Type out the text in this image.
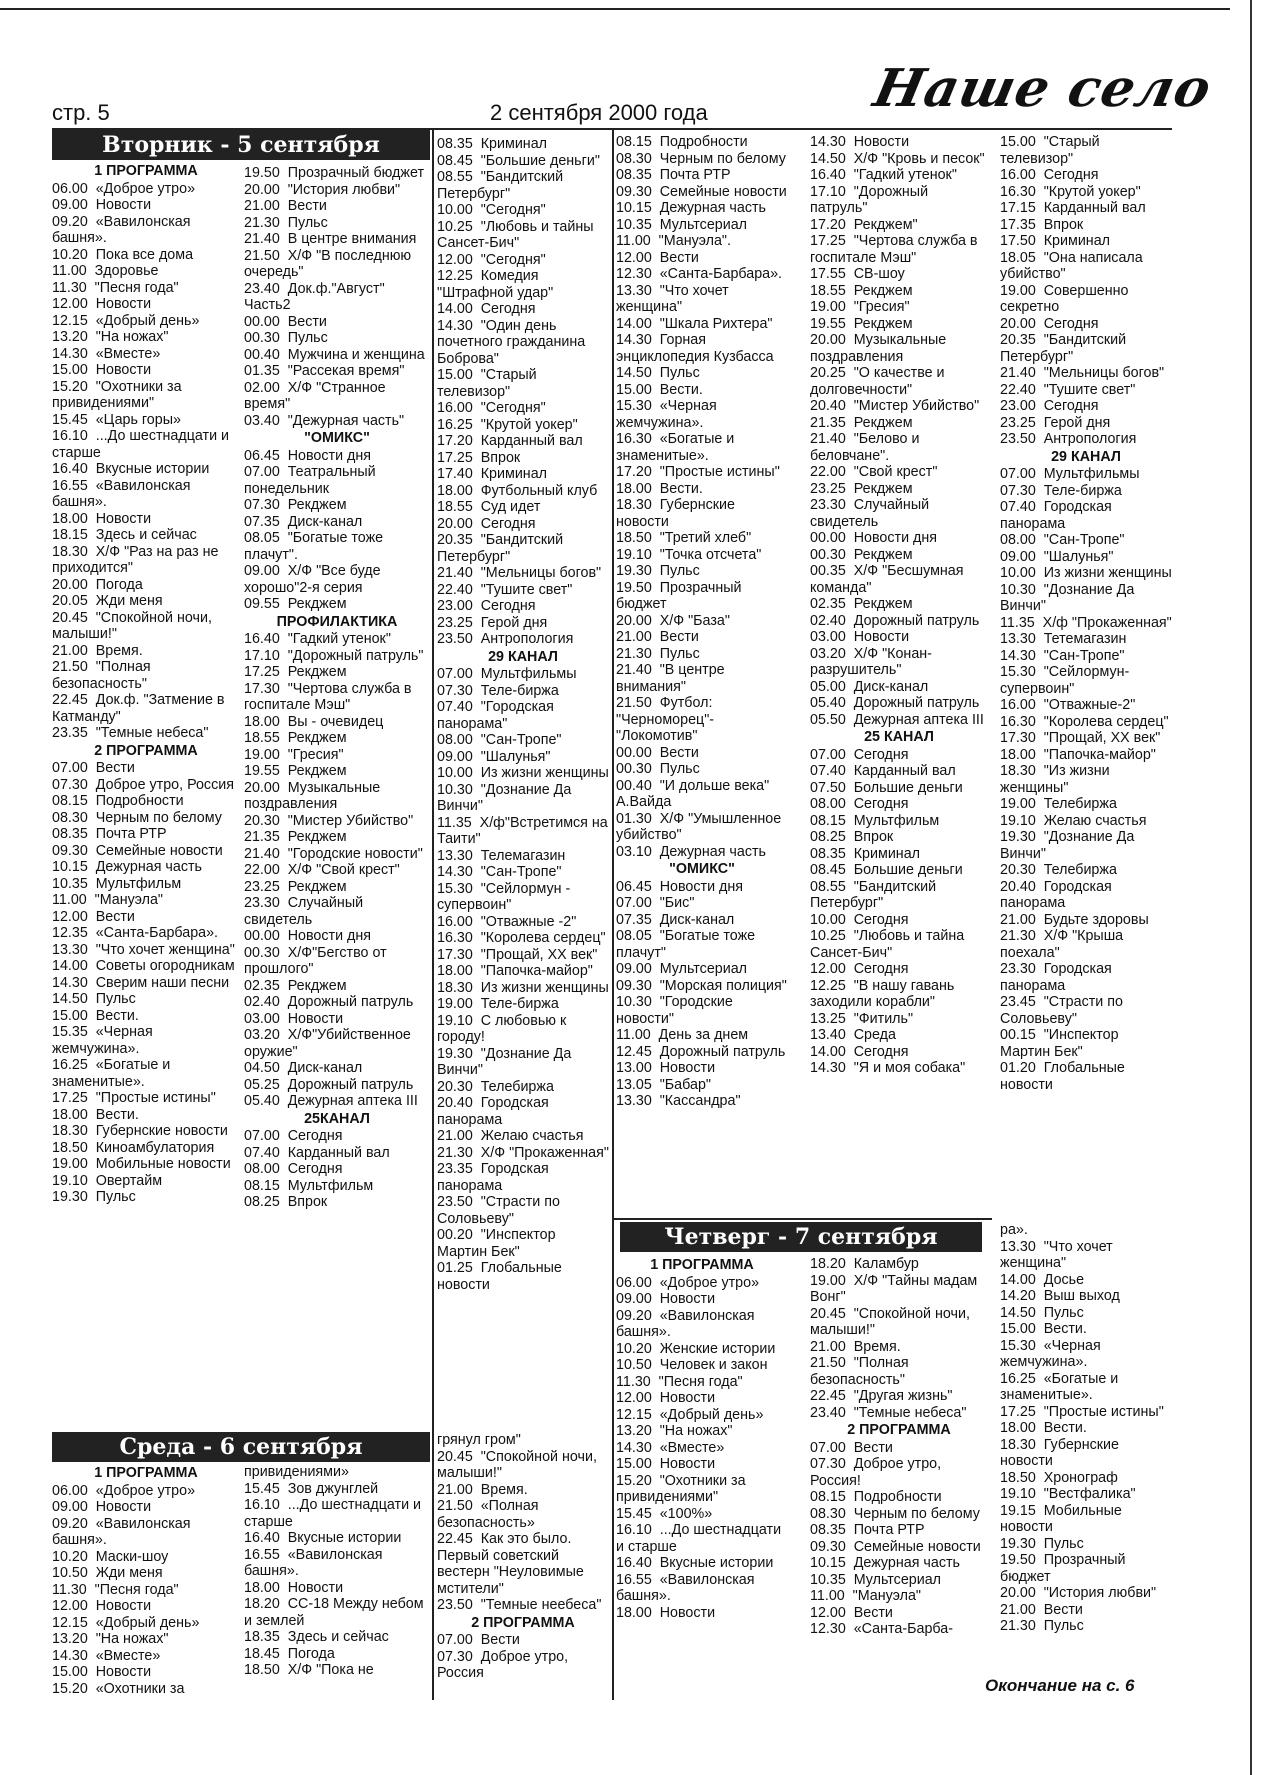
стр. 5	2 сентября 2000 года	Наше село
Вторник - 5 сентября
Среда - 6 сентября
Четверг - 7 сентября

1 ПРОГРАММА

06.00  «Доброе утро»

09.00  Новости

09.20  «Вавилонская башня».

10.20  Пока все дома

11.00  Здоровье

11.30  "Песня года"

12.00  Новости

12.15  «Добрый день»

13.20  "На ножах"

14.30  «Вместе»

15.00  Новости

15.20  "Охотники за привидениями"

15.45  «Царь горы»

16.10  ...До шестнадцати и старше

16.40  Вкусные истории

16.55  «Вавилонская башня».

18.00  Новости

18.15  Здесь и сейчас

18.30  Х/Ф "Раз на раз не приходится"

20.00  Погода

20.05  Жди меня

20.45  "Спокойной ночи, малыши!"

21.00  Время.

21.50  "Полная безопасность"

22.45  Док.ф. "Затмение в Катманду"

23.35  "Темные небеса"

2 ПРОГРАММА

07.00  Вести

07.30  Доброе утро, Россия

08.15  Подробности

08.30  Черным по белому

08.35  Почта РТР

09.30  Семейные новости

10.15  Дежурная часть

10.35  Мультфильм

11.00  "Мануэла"

12.00  Вести

12.35  «Санта-Барбара».

13.30  "Что хочет женщина"

14.00  Советы огородникам

14.30  Сверим наши песни

14.50  Пульс

15.00  Вести.

15.35  «Черная жемчужина».

16.25  «Богатые и знаменитые».

17.25  "Простые истины"

18.00  Вести.

18.30  Губернские новости

18.50  Киноамбулатория

19.00  Мобильные новости

19.10  Овертайм

19.30  Пульс

19.50  Прозрачный бюджет

20.00  "История любви"

21.00  Вести

21.30  Пульс

21.40  В центре внимания

21.50  Х/Ф "В последнюю очередь"

23.40  Док.ф."Август" Часть2

00.00  Вести

00.30  Пульс

00.40  Мужчина и женщина

01.35  "Рассекая время"

02.00  Х/Ф "Странное время"

03.40  "Дежурная часть"

"ОМИКС"

06.45  Новости дня

07.00  Театральный понедельник

07.30  Рекджем

07.35  Диск-канал

08.05  "Богатые тоже плачут".

09.00  Х/Ф "Все буде хорошо"2-я серия

09.55  Рекджем

ПРОФИЛАКТИКА

16.40  "Гадкий утенок"

17.10  "Дорожный патруль"

17.25  Рекджем

17.30  "Чертова служба в госпитале Мэш"

18.00  Вы - очевидец

18.55  Рекджем

19.00  "Гресия"

19.55  Рекджем

20.00  Музыкальные поздравления

20.30  "Мистер Убийство"

21.35  Рекджем

21.40  "Городские новости"

22.00  Х/Ф "Свой крест"

23.25  Рекджем

23.30  Случайный свидетель

00.00  Новости дня

00.30  Х/Ф"Бегство от прошлого"

02.35  Рекджем

02.40  Дорожный патруль

03.00  Новости

03.20  Х/Ф"Убийственное оружие"

04.50  Диск-канал

05.25  Дорожный патруль

05.40  Дежурная аптека III

25КАНАЛ

07.00  Сегодня

07.40  Карданный вал

08.00  Сегодня

08.15  Мультфильм

08.25  Впрок

08.35  Криминал

08.45  "Большие деньги"

08.55  "Бандитский Петербург"

10.00  "Сегодня"

10.25  "Любовь и тайны Сансет-Бич"

12.00  "Сегодня"

12.25  Комедия "Штрафной удар"

14.00  Сегодня

14.30  "Один день почетного гражданина Боброва"

15.00  "Старый телевизор"

16.00  "Сегодня"

16.25  "Крутой уокер"

17.20  Карданный вал

17.25  Впрок

17.40  Криминал

18.00  Футбольный клуб

18.55  Суд идет

20.00  Сегодня

20.35  "Бандитский Петербург"

21.40  "Мельницы богов"

22.40  "Тушите свет"

23.00  Сегодня

23.25  Герой дня

23.50  Антропология

29 КАНАЛ

07.00  Мультфильмы

07.30  Теле-биржа

07.40  "Городская панорама"

08.00  "Сан-Тропе"

09.00  "Шалунья"

10.00  Из жизни женщины

10.30  "Дознание Да Винчи"

11.35  Х/ф"Встретимся на Таити"

13.30  Телемагазин

14.30  "Сан-Тропе"

15.30  "Сейлормун - супервоин"

16.00  "Отважные -2"

16.30  "Королева сердец"

17.30  "Прощай, XX век"

18.00  "Папочка-майор"

18.30  Из жизни женщины

19.00  Теле-биржа

19.10  С любовью к городу!

19.30  "Дознание Да Винчи"

20.30  Телебиржа

20.40  Городская панорама

21.00  Желаю счастья

21.30  Х/Ф "Прокаженная"

23.35  Городская панорама

23.50  "Страсти по Соловьеву"

00.20  "Инспектор Мартин Бек"

01.25  Глобальные новости

08.15  Подробности

08.30  Черным по белому

08.35  Почта РТР

09.30  Семейные новости

10.15  Дежурная часть

10.35  Мультсериал

11.00  "Мануэла".

12.00  Вести

12.30  «Санта-Барбара».

13.30  "Что хочет женщина"

14.00  "Шкала Рихтера"

14.30  Горная энциклопедия Кузбасса

14.50  Пульс

15.00  Вести.

15.30  «Черная жемчужина».

16.30  «Богатые и знаменитые».

17.20  "Простые истины"

18.00  Вести.

18.30  Губернские новости

18.50  "Третий хлеб"

19.10  "Точка отсчета"

19.30  Пульс

19.50  Прозрачный бюджет

20.00  Х/Ф "База"

21.00  Вести

21.30  Пульс

21.40  "В центре внимания"

21.50  Футбол: "Черноморец"-"Локомотив"

00.00  Вести

00.30  Пульс

00.40  "И дольше века" А.Вайда

01.30  Х/Ф "Умышленное убийство"

03.10  Дежурная часть

"ОМИКС"

06.45  Новости дня

07.00  "Бис"

07.35  Диск-канал

08.05  "Богатые тоже плачут"

09.00  Мультсериал

09.30  "Морская полиция"

10.30  "Городские новости"

11.00  День за днем

12.45  Дорожный патруль

13.00  Новости

13.05  "Бабар"

13.30  "Кассандра"

14.30  Новости

14.50  Х/Ф "Кровь и песок"

16.40  "Гадкий утенок"

17.10  "Дорожный патруль"

17.20  Рекджем"

17.25  "Чертова служба в госпитале Мэш"

17.55  СВ-шоу

18.55  Рекджем

19.00  "Гресия"

19.55  Рекджем

20.00  Музыкальные поздравления

20.25  "О качестве и долговечности"

20.40  "Мистер Убийство"

21.35  Рекджем

21.40  "Белово и беловчане".

22.00  "Свой крест"

23.25  Рекджем

23.30  Случайный свидетель

00.00  Новости дня

00.30  Рекджем

00.35  Х/Ф "Бесшумная команда"

02.35  Рекджем

02.40  Дорожный патруль

03.00  Новости

03.20  Х/Ф "Конан-разрушитель"

05.00  Диск-канал

05.40  Дорожный патруль

05.50  Дежурная аптека III

25 КАНАЛ

07.00  Сегодня

07.40  Карданный вал

07.50  Большие деньги

08.00  Сегодня

08.15  Мультфильм

08.25  Впрок

08.35  Криминал

08.45  Большие деньги

08.55  "Бандитский Петербург"

10.00  Сегодня

10.25  "Любовь и тайна Сансет-Бич"

12.00  Сегодня

12.25  "В нашу гавань заходили корабли"

13.25  "Фитиль"

13.40  Среда

14.00  Сегодня

14.30  "Я и моя собака"

15.00  "Старый телевизор"

16.00  Сегодня

16.30  "Крутой уокер"

17.15  Карданный вал

17.35  Впрок

17.50  Криминал

18.05  "Она написала убийство"

19.00  Совершенно секретно

20.00  Сегодня

20.35  "Бандитский Петербург"

21.40  "Мельницы богов"

22.40  "Тушите свет"

23.00  Сегодня

23.25  Герой дня

23.50  Антропология

29 КАНАЛ

07.00  Мультфильмы

07.30  Теле-биржа

07.40  Городская панорама

08.00  "Сан-Тропе"

09.00  "Шалунья"

10.00  Из жизни женщины

10.30  "Дознание Да Винчи"

11.35  Х/ф "Прокаженная"

13.30  Тетемагазин

14.30  "Сан-Тропе"

15.30  "Сейлормун-супервоин"

16.00  "Отважные-2"

16.30  "Королева сердец"

17.30  "Прощай, XX век"

18.00  "Папочка-майор"

18.30  "Из жизни женщины"

19.00  Телебиржа

19.10  Желаю счастья

19.30  "Дознание Да Винчи"

20.30  Телебиржа

20.40  Городская панорама

21.00  Будьте здоровы

21.30  Х/Ф "Крыша поехала"

23.30  Городская панорама

23.45  "Страсти по Соловьеву"

00.15  "Инспектор Мартин Бек"

01.20  Глобальные новости

1 ПРОГРАММА

06.00  «Доброе утро»

09.00  Новости

09.20  «Вавилонская башня».

10.20  Маски-шоу

10.50  Жди меня

11.30  "Песня года"

12.00  Новости

12.15  «Добрый день»

13.20  "На ножах"

14.30  «Вместе»

15.00  Новости

15.20  «Охотники за

привидениями»

15.45  Зов джунглей

16.10  ...До шестнадцати и старше

16.40  Вкусные истории

16.55  «Вавилонская башня».

18.00  Новости

18.20  СС-18 Между небом и землей

18.35  Здесь и сейчас

18.45  Погода

18.50  Х/Ф "Пока не

грянул гром"

20.45  "Спокойной ночи, малыши!"

21.00  Время.

21.50  «Полная безопасность»

22.45  Как это было. Первый советский вестерн "Неуловимые мстители"

23.50  "Темные неебеса"

2 ПРОГРАММА

07.00  Вести

07.30  Доброе утро, Россия

1 ПРОГРАММА

06.00  «Доброе утро»

09.00  Новости

09.20  «Вавилонская башня».

10.20  Женские истории

10.50  Человек и закон

11.30  "Песня года"

12.00  Новости

12.15  «Добрый день»

13.20  "На ножах"

14.30  «Вместе»

15.00  Новости

15.20  "Охотники за привидениями"

15.45  «100%»

16.10  ...До шестнадцати и старше

16.40  Вкусные истории

16.55  «Вавилонская башня».

18.00  Новости

18.20  Каламбур

19.00  Х/Ф "Тайны мадам Вонг"

20.45  "Спокойной ночи, малыши!"

21.00  Время.

21.50  "Полная безопасность"

22.45  "Другая жизнь"

23.40  "Темные небеса"

2 ПРОГРАММА

07.00  Вести

07.30  Доброе утро, Россия!

08.15  Подробности

08.30  Черным по белому

08.35  Почта РТР

09.30  Семейные новости

10.15  Дежурная часть

10.35  Мультсериал

11.00  "Мануэла"

12.00  Вести

12.30  «Санта-Барба-

ра».

13.30  "Что хочет женщина"

14.00  Досье

14.20  Выш выход

14.50  Пульс

15.00  Вести.

15.30  «Черная жемчужина».

16.25  «Богатые и знаменитые».

17.25  "Простые истины"

18.00  Вести.

18.30  Губернские новости

18.50  Хронограф

19.10  "Вестфалика"

19.15  Мобильные новости

19.30  Пульс

19.50  Прозрачный бюджет

20.00  "История любви"

21.00  Вести

21.30  Пульс

Окончание на с. 6
